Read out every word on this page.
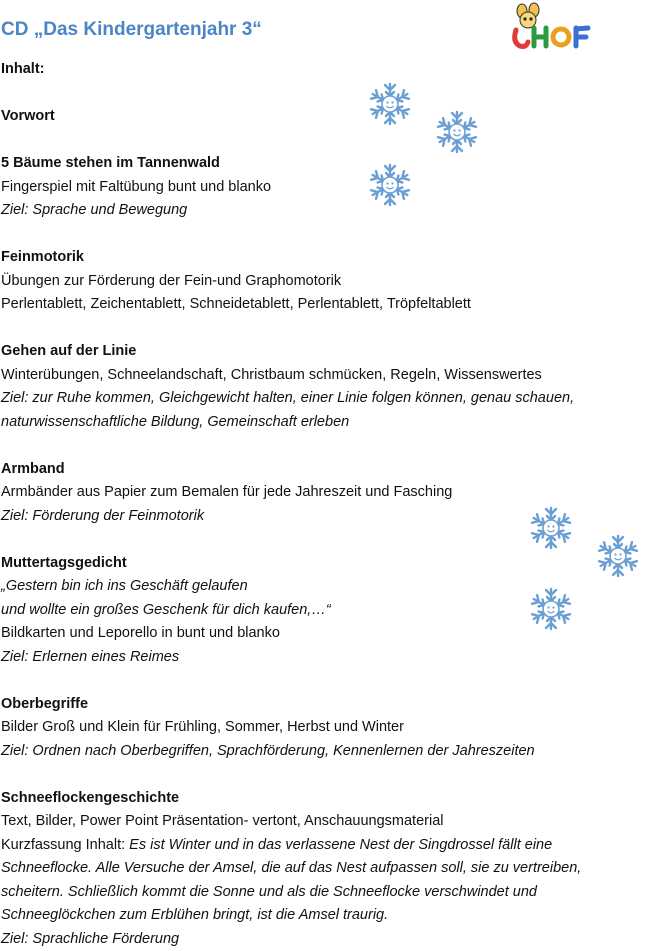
CD „Das Kindergartenjahr 3“

Inhalt:

Vorwort

5 Bäume stehen im Tannenwald

Fingerspiel mit Faltübung bunt und blanko

Ziel: Sprache und Bewegung

Feinmotorik

Übungen zur Förderung der Fein-und Graphomotorik

Perlentablett, Zeichentablett, Schneidetablett, Perlentablett, Tröpfeltablett

Gehen auf der Linie

Winterübungen, Schneelandschaft, Christbaum schmücken, Regeln, Wissenswertes

Ziel: zur Ruhe kommen, Gleichgewicht halten, einer Linie folgen können, genau schauen,

naturwissenschaftliche Bildung, Gemeinschaft erleben

Armband

Armbänder aus Papier zum Bemalen für jede Jahreszeit und Fasching

Ziel: Förderung der Feinmotorik

Muttertagsgedicht

„Gestern bin ich ins Geschäft gelaufen

und wollte ein großes Geschenk für dich kaufen,…“

Bildkarten und Leporello in bunt und blanko

Ziel: Erlernen eines Reimes

Oberbegriffe

Bilder Groß und Klein für Frühling, Sommer, Herbst und Winter

Ziel: Ordnen nach Oberbegriffen, Sprachförderung, Kennenlernen der Jahreszeiten

Schneeflockengeschichte

Text, Bilder, Power Point Präsentation- vertont, Anschauungsmaterial

Kurzfassung Inhalt: Es ist Winter und in das verlassene Nest der Singdrossel fällt eine

Schneeflocke. Alle Versuche der Amsel, die auf das Nest aufpassen soll, sie zu vertreiben,

scheitern. Schließlich kommt die Sonne und als die Schneeflocke verschwindet und

Schneeglöckchen zum Erblühen bringt, ist die Amsel traurig.

Ziel: Sprachliche Förderung
